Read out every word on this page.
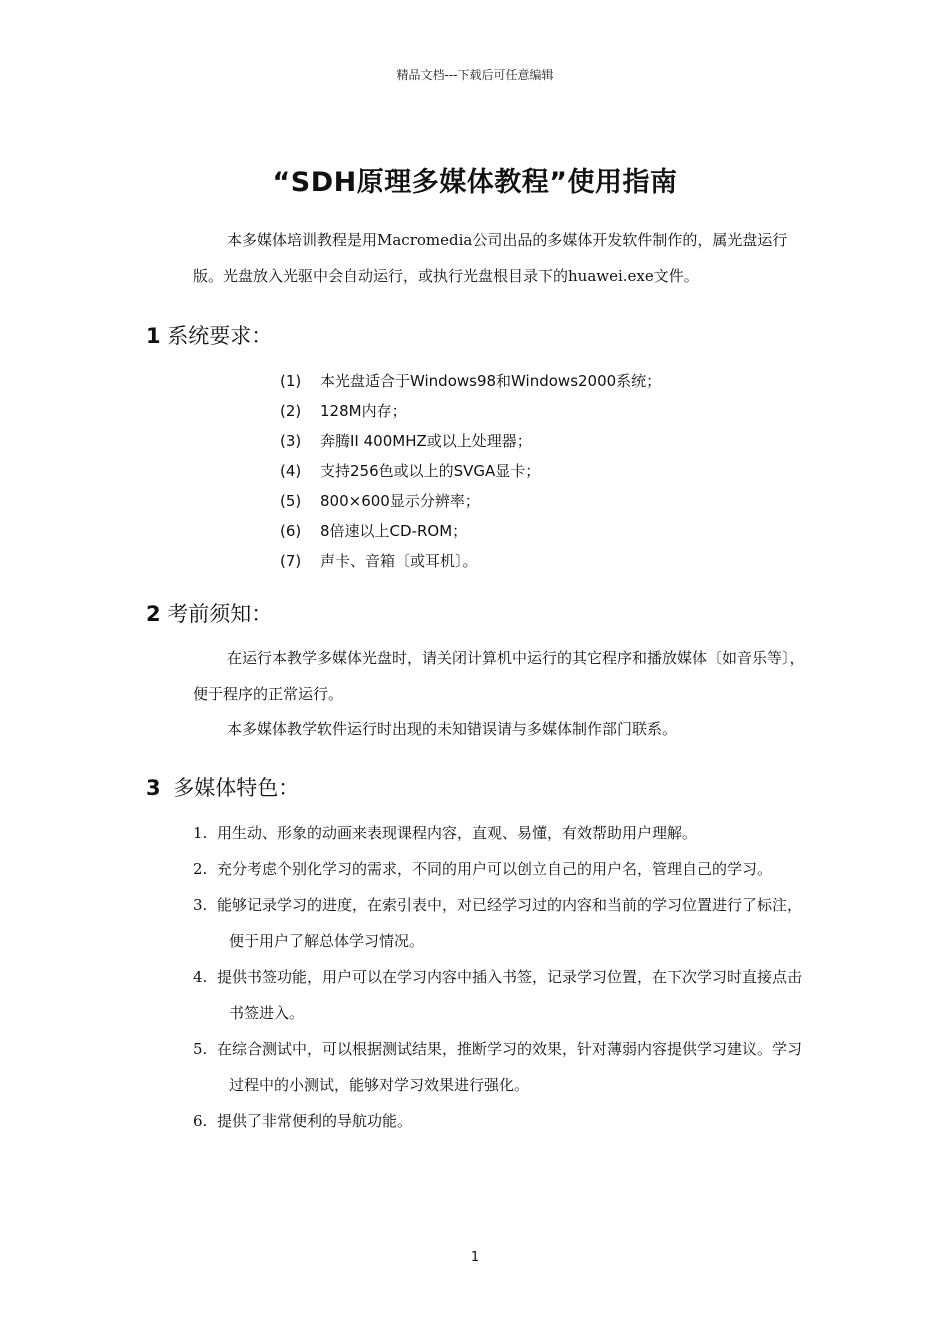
精品文档---下载后可任意编辑
“SDH原理多媒体教程”使用指南

本多媒体培训教程是用Macromedia公司出品的多媒体开发软件制作的，属光盘运行版。光盘放入光驱中会自动运行，或执行光盘根目录下的huawei.exe文件。

1 系统要求：
(1) 本光盘适合于Windows98和Windows2000系统；
(2) 128M内存；
(3) 奔腾II 400MHZ或以上处理器；
(4) 支持256色或以上的SVGA显卡；
(5) 800×600显示分辨率；
(6) 8倍速以上CD-ROM；
(7) 声卡、音箱〔或耳机〕。
2 考前须知：

在运行本教学多媒体光盘时，请关闭计算机中运行的其它程序和播放媒体〔如音乐等〕，便于程序的正常运行。

本多媒体教学软件运行时出现的未知错误请与多媒体制作部门联系。

3 多媒体特色：
1. 用生动、形象的动画来表现课程内容，直观、易懂，有效帮助用户理解。
2. 充分考虑个别化学习的需求，不同的用户可以创立自己的用户名，管理自己的学习。
3. 能够记录学习的进度，在索引表中，对已经学习过的内容和当前的学习位置进行了标注，便于用户了解总体学习情况。
4. 提供书签功能，用户可以在学习内容中插入书签，记录学习位置，在下次学习时直接点击书签进入。
5. 在综合测试中，可以根据测试结果，推断学习的效果，针对薄弱内容提供学习建议。学习过程中的小测试，能够对学习效果进行强化。
6. 提供了非常便利的导航功能。
1
